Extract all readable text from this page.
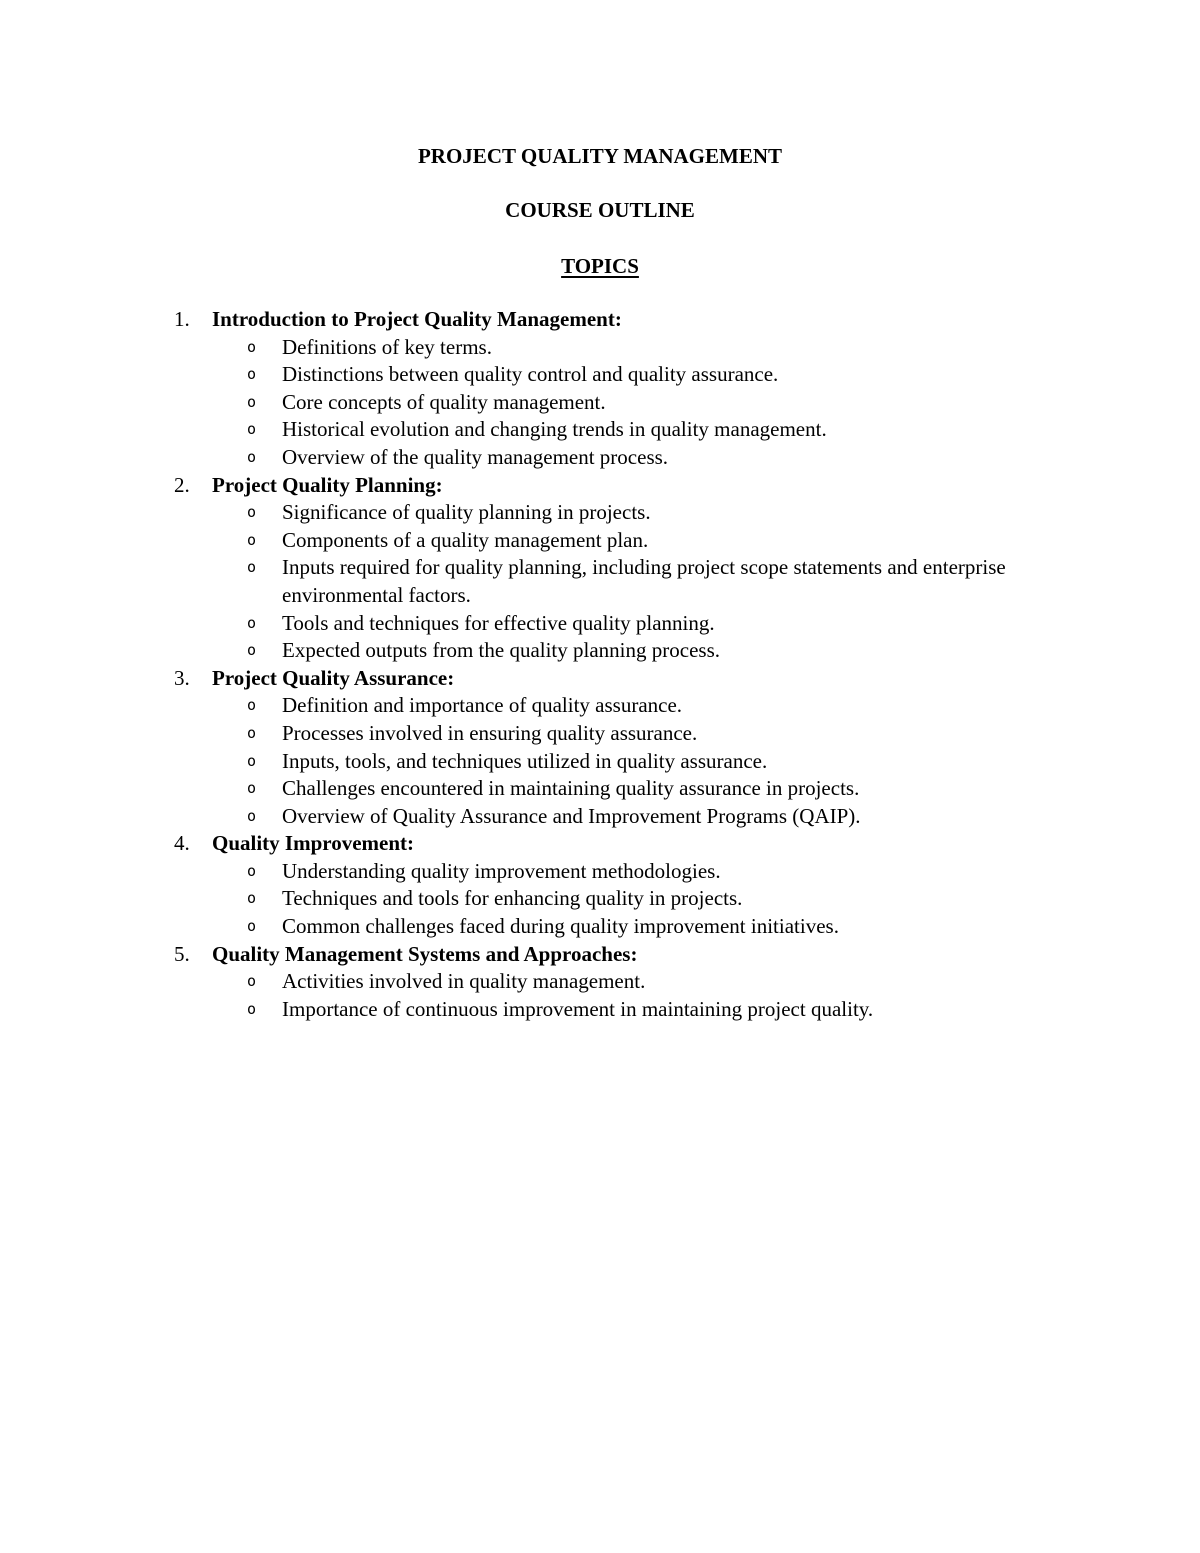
PROJECT QUALITY MANAGEMENT
COURSE OUTLINE
TOPICS
1.	Introduction to Project Quality Management:
o Definitions of key terms.
o Distinctions between quality control and quality assurance.
o Core concepts of quality management.
o Historical evolution and changing trends in quality management.
o Overview of the quality management process.
2.	Project Quality Planning:
o Significance of quality planning in projects.
o Components of a quality management plan.
o Inputs required for quality planning, including project scope statements and enterprise environmental factors.
o Tools and techniques for effective quality planning.
o Expected outputs from the quality planning process.
3.	Project Quality Assurance:
o Definition and importance of quality assurance.
o Processes involved in ensuring quality assurance.
o Inputs, tools, and techniques utilized in quality assurance.
o Challenges encountered in maintaining quality assurance in projects.
o Overview of Quality Assurance and Improvement Programs (QAIP).
4.	Quality Improvement:
o Understanding quality improvement methodologies.
o Techniques and tools for enhancing quality in projects.
o Common challenges faced during quality improvement initiatives.
5.	Quality Management Systems and Approaches:
o Activities involved in quality management.
o Importance of continuous improvement in maintaining project quality.
